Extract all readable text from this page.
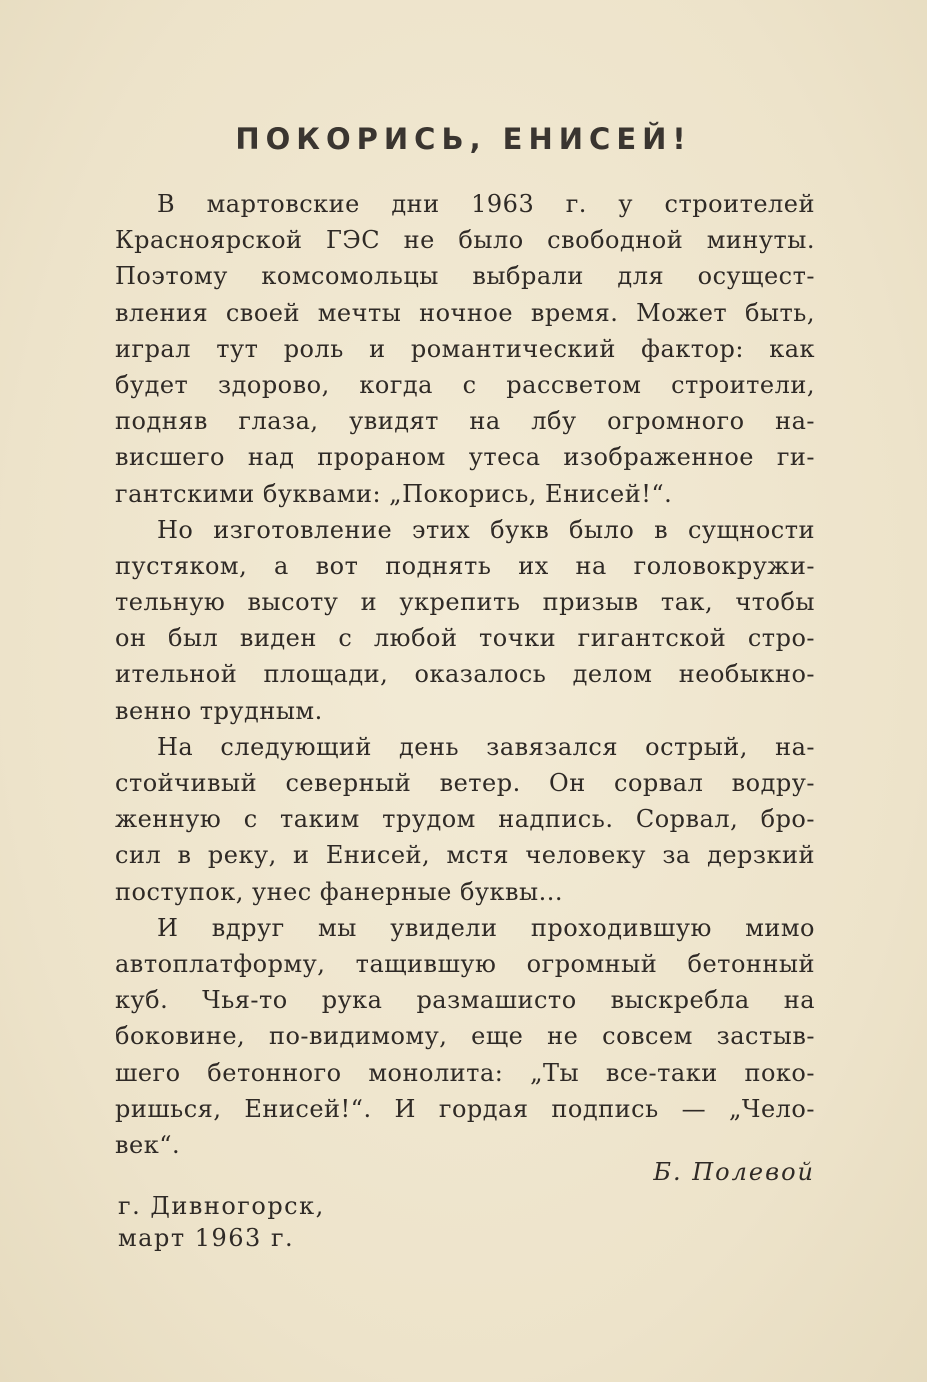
ПОКОРИСЬ, ЕНИСЕЙ!
В мартовские дни 1963 г. у строителей
Красноярской ГЭС не было свободной минуты.
Поэтому комсомольцы выбрали для осущест-
вления своей мечты ночное время. Может быть,
играл тут роль и романтический фактор: как
будет здорово, когда с рассветом строители,
подняв глаза, увидят на лбу огромного на-
висшего над прораном утеса изображенное ги-
гантскими буквами: „Покорись, Енисей!“.
Но изготовление этих букв было в сущности
пустяком, а вот поднять их на головокружи-
тельную высоту и укрепить призыв так, чтобы
он был виден с любой точки гигантской стро-
ительной площади, оказалось делом необыкно-
венно трудным.
На следующий день завязался острый, на-
стойчивый северный ветер. Он сорвал водру-
женную с таким трудом надпись. Сорвал, бро-
сил в реку, и Енисей, мстя человеку за дерзкий
поступок, унес фанерные буквы...
И вдруг мы увидели проходившую мимо
автоплатформу, тащившую огромный бетонный
куб. Чья-то рука размашисто выскребла на
боковине, по-видимому, еще не совсем застыв-
шего бетонного монолита: „Ты все-таки поко-
ришься, Енисей!“. И гордая подпись — „Чело-
век“.
Б. Полевой
г. Дивногорск,
март 1963 г.
